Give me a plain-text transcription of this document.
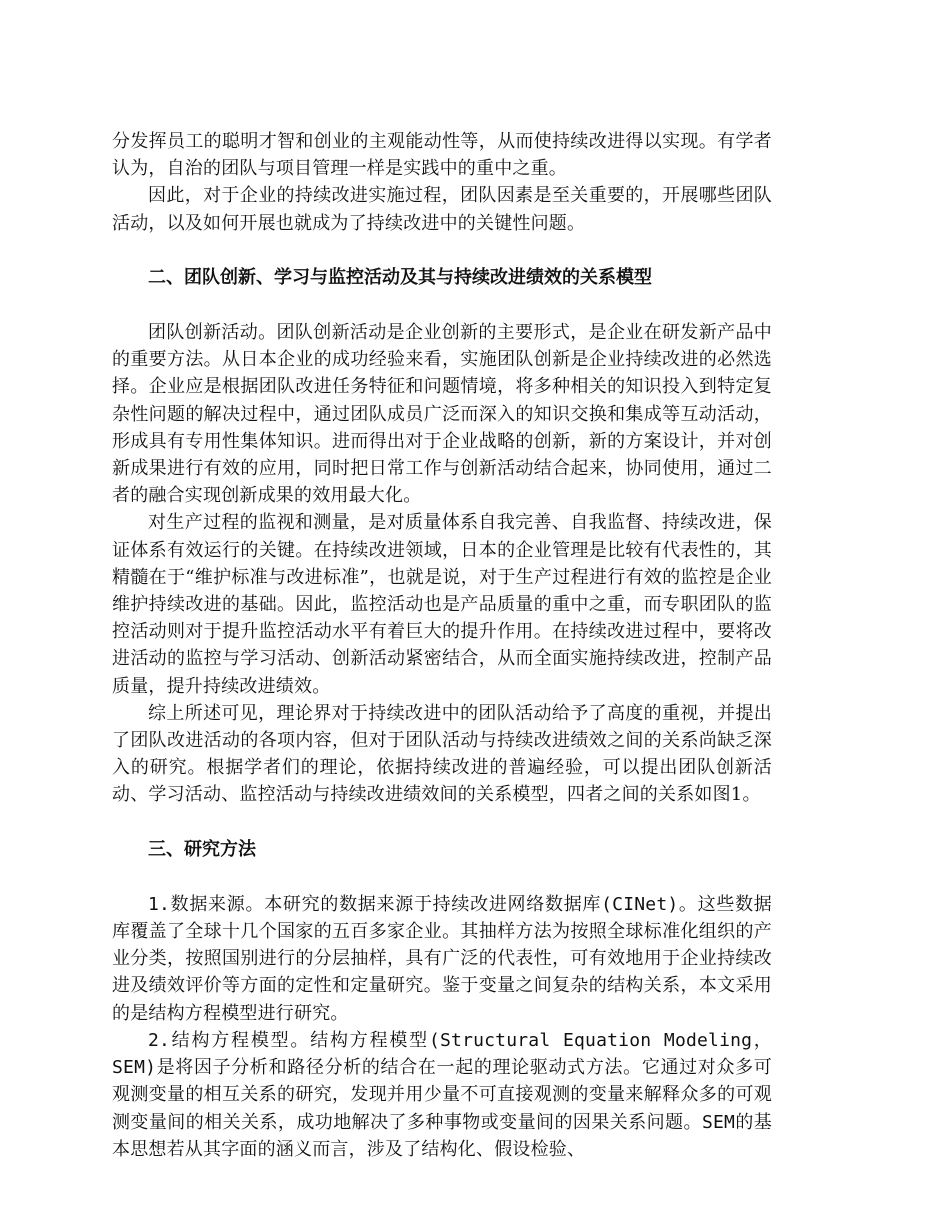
分发挥员工的聪明才智和创业的主观能动性等，从而使持续改进得以实现。有学者认为，自治的团队与项目管理一样是实践中的重中之重。

因此，对于企业的持续改进实施过程，团队因素是至关重要的，开展哪些团队活动，以及如何开展也就成为了持续改进中的关键性问题。

二、团队创新、学习与监控活动及其与持续改进绩效的关系模型

团队创新活动。团队创新活动是企业创新的主要形式，是企业在研发新产品中的重要方法。从日本企业的成功经验来看，实施团队创新是企业持续改进的必然选择。企业应是根据团队改进任务特征和问题情境，将多种相关的知识投入到特定复杂性问题的解决过程中，通过团队成员广泛而深入的知识交换和集成等互动活动，形成具有专用性集体知识。进而得出对于企业战略的创新，新的方案设计，并对创新成果进行有效的应用，同时把日常工作与创新活动结合起来，协同使用，通过二者的融合实现创新成果的效用最大化。

对生产过程的监视和测量，是对质量体系自我完善、自我监督、持续改进，保证体系有效运行的关键。在持续改进领域，日本的企业管理是比较有代表性的，其精髓在于“维护标准与改进标准”，也就是说，对于生产过程进行有效的监控是企业维护持续改进的基础。因此，监控活动也是产品质量的重中之重，而专职团队的监控活动则对于提升监控活动水平有着巨大的提升作用。在持续改进过程中，要将改进活动的监控与学习活动、创新活动紧密结合，从而全面实施持续改进，控制产品质量，提升持续改进绩效。

综上所述可见，理论界对于持续改进中的团队活动给予了高度的重视，并提出了团队改进活动的各项内容，但对于团队活动与持续改进绩效之间的关系尚缺乏深入的研究。根据学者们的理论，依据持续改进的普遍经验，可以提出团队创新活动、学习活动、监控活动与持续改进绩效间的关系模型，四者之间的关系如图1。

三、研究方法

1.数据来源。本研究的数据来源于持续改进网络数据库(CINet)。这些数据库覆盖了全球十几个国家的五百多家企业。其抽样方法为按照全球标准化组织的产业分类，按照国别进行的分层抽样，具有广泛的代表性，可有效地用于企业持续改进及绩效评价等方面的定性和定量研究。鉴于变量之间复杂的结构关系，本文采用的是结构方程模型进行研究。

2.结构方程模型。结构方程模型(Structural Equation Modeling，SEM)是将因子分析和路径分析的结合在一起的理论驱动式方法。它通过对众多可观测变量的相互关系的研究，发现并用少量不可直接观测的变量来解释众多的可观测变量间的相关关系，成功地解决了多种事物或变量间的因果关系问题。SEM的基本思想若从其字面的涵义而言，涉及了结构化、假设检验、
